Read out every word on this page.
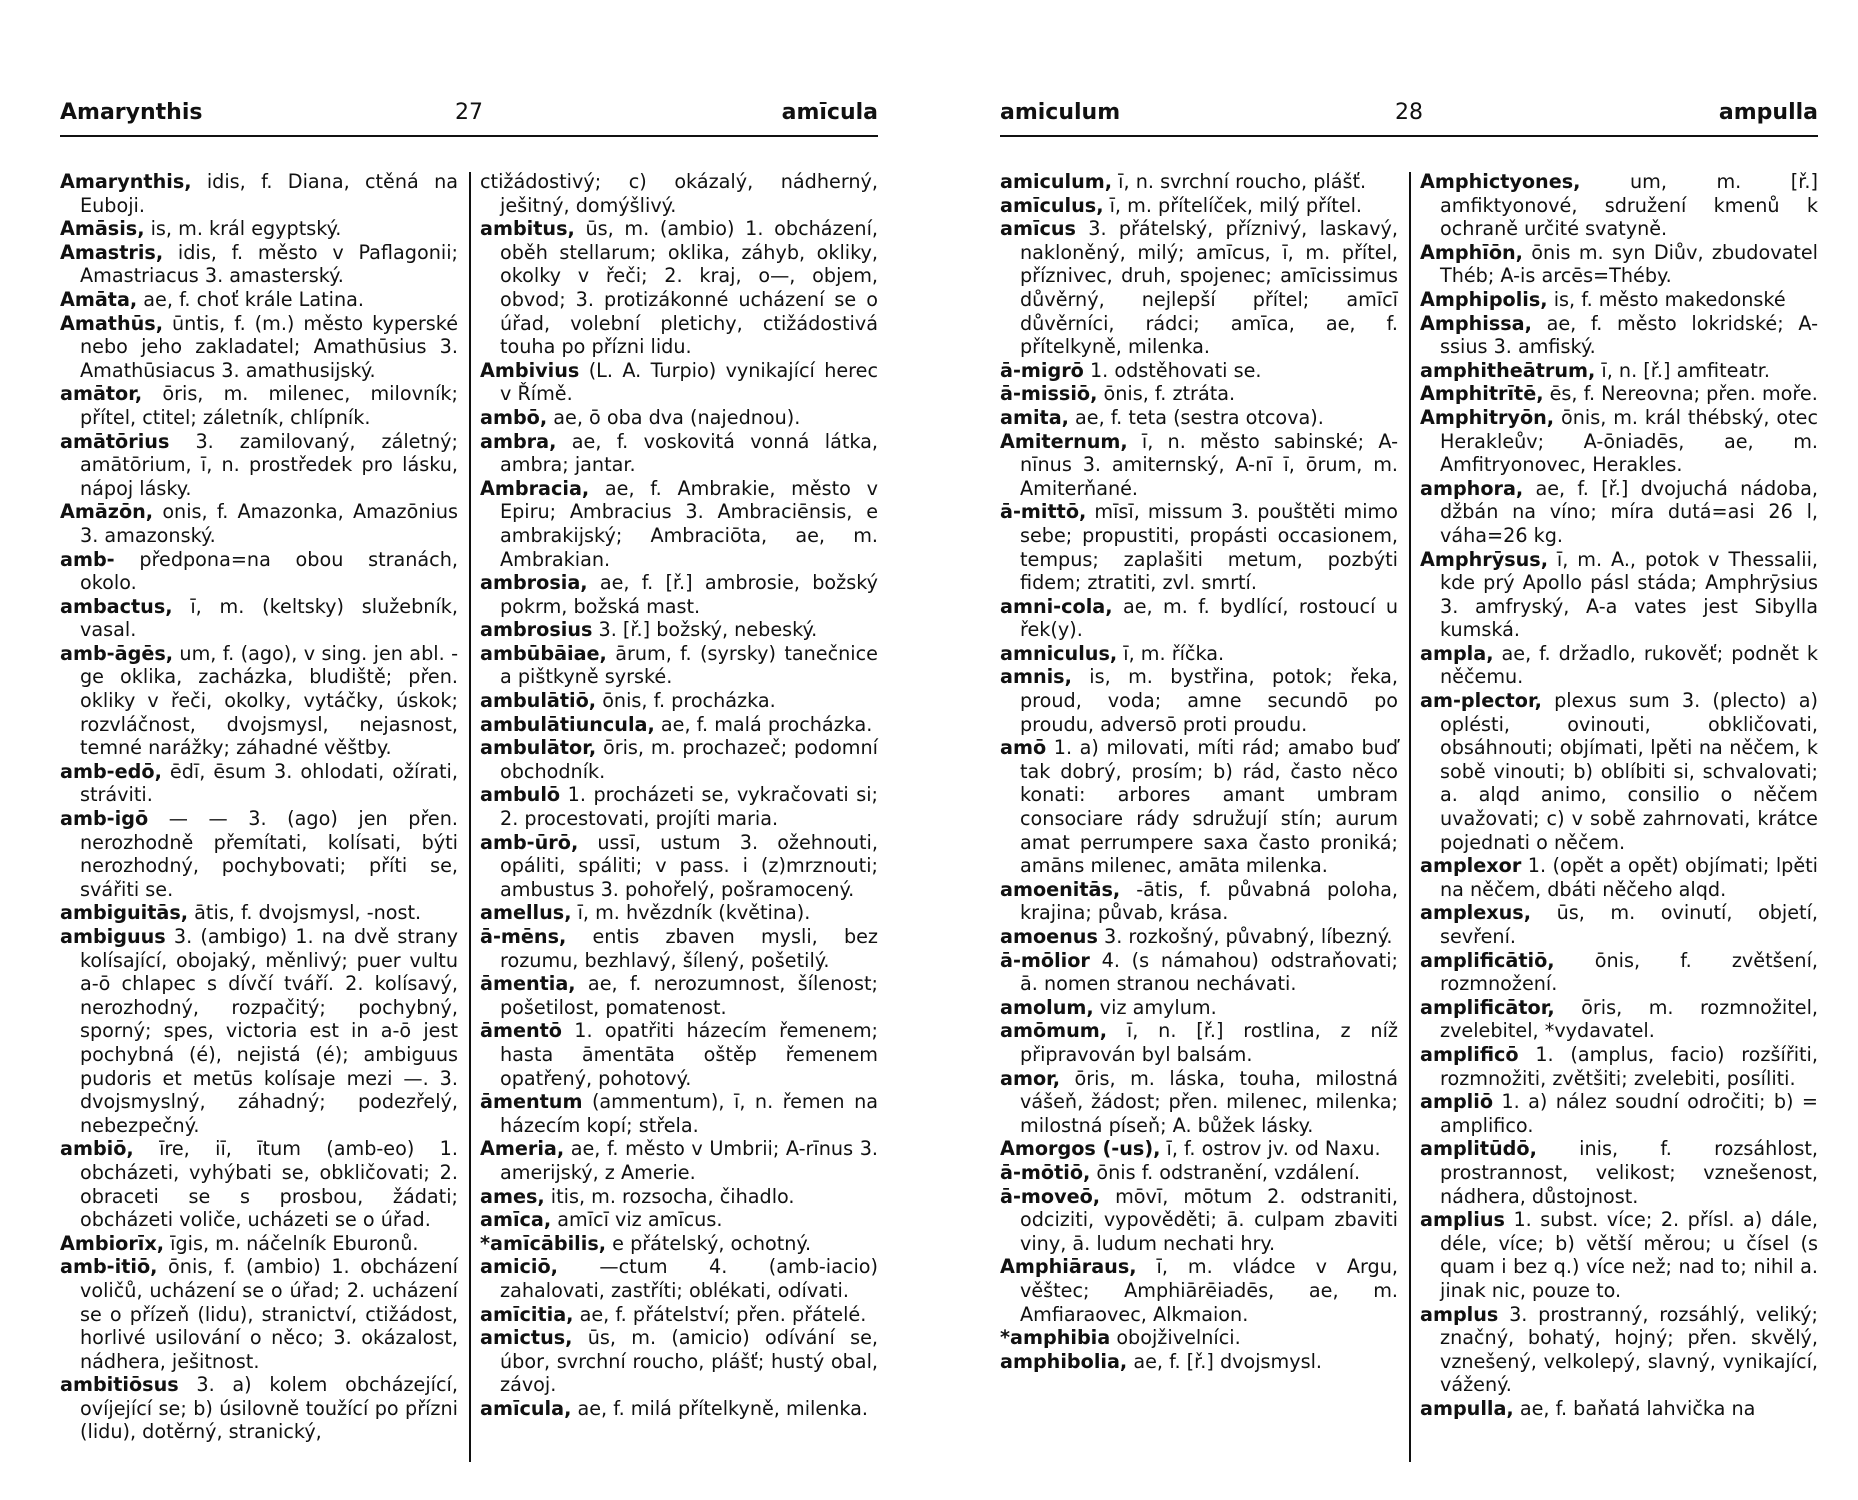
Amarynthis	27	amīcula

Amarynthis, idis, f. Diana, ctěná na Euboji.

Amāsis, is, m. král egyptský.

Amastris, idis, f. město v Paflagonii; Amastriacus 3. amasterský.

Amāta, ae, f. choť krále Latina.

Amathūs, ūntis, f. (m.) město kyperské nebo jeho zakladatel; Amathūsius 3. Amathūsiacus 3. amathusijský.

amātor, ōris, m. milenec, milovník; přítel, ctitel; záletník, chlípník.

amātōrius 3. zamilovaný, záletný; amātōrium, ī, n. prostředek pro lásku, nápoj lásky.

Amāzōn, onis, f. Amazonka, Amazōnius 3. amazonský.

amb- předpona=na obou stranách, okolo.

ambactus, ī, m. (keltsky) služebník, vasal.

amb-āgēs, um, f. (ago), v sing. jen abl. -ge oklika, zacházka, bludiště; přen. okliky v řeči, okolky, vytáčky, úskok; rozvláčnost, dvojsmysl, nejasnost, temné narážky; záhadné věštby.

amb-edō, ēdī, ēsum 3. ohlodati, ožírati, stráviti.

amb-igō — — 3. (ago) jen přen. nerozhodně přemítati, kolísati, býti nerozhodný, pochybovati; příti se, svářiti se.

ambiguitās, ātis, f. dvojsmysl, -nost.

ambiguus 3. (ambigo) 1. na dvě strany kolísající, obojaký, měnlivý; puer vultu a-ō chlapec s dívčí tváří. 2. kolísavý, nerozhodný, rozpačitý; pochybný, sporný; spes, victoria est in a-ō jest pochybná (é), nejistá (é); ambiguus pudoris et metūs kolísaje mezi —. 3. dvojsmyslný, záhadný; podezřelý, nebezpečný.

ambiō, īre, iī, ītum (amb-eo) 1. obcházeti, vyhýbati se, obkličovati; 2. obraceti se s prosbou, žádati; obcházeti voliče, ucházeti se o úřad.

Ambiorīx, īgis, m. náčelník Eburonů.

amb-itiō, ōnis, f. (ambio) 1. obcházení voličů, ucházení se o úřad; 2. ucházení se o přízeň (lidu), stranictví, ctižádost, horlivé usilování o něco; 3. okázalost, nádhera, ješitnost.

ambitiōsus 3. a) kolem obcházející, ovíjející se; b) úsilovně toužící po přízni (lidu), dotěrný, stranický,

ctižádostivý; c) okázalý, nádherný, ješitný, domýšlivý.

ambitus, ūs, m. (ambio) 1. obcházení, oběh stellarum; oklika, záhyb, okliky, okolky v řeči; 2. kraj, o—, objem, obvod; 3. protizákonné ucházení se o úřad, volební pletichy, ctižádostivá touha po přízni lidu.

Ambivius (L. A. Turpio) vynikající herec v Římě.

ambō, ae, ō oba dva (najednou).

ambra, ae, f. voskovitá vonná látka, ambra; jantar.

Ambracia, ae, f. Ambrakie, město v Epiru; Ambracius 3. Ambraciēnsis, e ambrakijský; Ambraciōta, ae, m. Ambrakian.

ambrosia, ae, f. [ř.] ambrosie, božský pokrm, božská mast.

ambrosius 3. [ř.] božský, nebeský.

ambūbāiae, ārum, f. (syrsky) tanečnice a pištkyně syrské.

ambulātiō, ōnis, f. procházka.

ambulātiuncula, ae, f. malá procházka.

ambulātor, ōris, m. prochazeč; podomní obchodník.

ambulō 1. procházeti se, vykračovati si; 2. procestovati, projíti maria.

amb-ūrō, ussī, ustum 3. ožehnouti, opáliti, spáliti; v pass. i (z)mrznouti; ambustus 3. pohořelý, pošramocený.

amellus, ī, m. hvězdník (květina).

ā-mēns, entis zbaven mysli, bez rozumu, bezhlavý, šílený, pošetilý.

āmentia, ae, f. nerozumnost, šílenost; pošetilost, pomatenost.

āmentō 1. opatřiti házecím řemenem; hasta āmentāta oštěp řemenem opatřený, pohotový.

āmentum (ammentum), ī, n. řemen na házecím kopí; střela.

Ameria, ae, f. město v Umbrii; A-rīnus 3. amerijský, z Amerie.

ames, itis, m. rozsocha, čihadlo.

amīca, amīcī viz amīcus.

*amīcābilis, e přátelský, ochotný.

amiciō, —ctum 4. (amb-iacio) zahalovati, zastříti; oblékati, odívati.

amīcitia, ae, f. přátelství; přen. přátelé.

amictus, ūs, m. (amicio) odívání se, úbor, svrchní roucho, plášť; hustý obal, závoj.

amīcula, ae, f. milá přítelkyně, milenka.

amiculum	28	ampulla

amiculum, ī, n. svrchní roucho, plášť.

amīculus, ī, m. přítelíček, milý přítel.

amīcus 3. přátelský, příznivý, laskavý, nakloněný, milý; amīcus, ī, m. přítel, příznivec, druh, spojenec; amīcissimus důvěrný, nejlepší přítel; amīcī důvěrníci, rádci; amīca, ae, f. přítelkyně, milenka.

ā-migrō 1. odstěhovati se.

ā-missiō, ōnis, f. ztráta.

amita, ae, f. teta (sestra otcova).

Amiternum, ī, n. město sabinské; A-nīnus 3. amiternský, A-nī ī, ōrum, m. Amiterňané.

ā-mittō, mīsī, missum 3. pouštěti mimo sebe; propustiti, propásti occasionem, tempus; zaplašiti metum, pozbýti fidem; ztratiti, zvl. smrtí.

amni-cola, ae, m. f. bydlící, rostoucí u řek(y).

amniculus, ī, m. říčka.

amnis, is, m. bystřina, potok; řeka, proud, voda; amne secundō po proudu, adversō proti proudu.

amō 1. a) milovati, míti rád; amabo buď tak dobrý, prosím; b) rád, často něco konati: arbores amant umbram consociare rády sdružují stín; aurum amat perrumpere saxa často proniká; amāns milenec, amāta milenka.

amoenitās, -ātis, f. půvabná poloha, krajina; půvab, krása.

amoenus 3. rozkošný, půvabný, líbezný.

ā-mōlior 4. (s námahou) odstraňovati; ā. nomen stranou nechávati.

amolum, viz amylum.

amōmum, ī, n. [ř.] rostlina, z níž připravován byl balsám.

amor, ōris, m. láska, touha, milostná vášeň, žádost; přen. milenec, milenka; milostná píseň; A. bůžek lásky.

Amorgos (-us), ī, f. ostrov jv. od Naxu.

ā-mōtiō, ōnis f. odstranění, vzdálení.

ā-moveō, mōvī, mōtum 2. odstraniti, odciziti, vypověděti; ā. culpam zbaviti viny, ā. ludum nechati hry.

Amphiāraus, ī, m. vládce v Argu, věštec; Amphiārēiadēs, ae, m. Amfiaraovec, Alkmaion.

*amphibia obojživelníci.

amphibolia, ae, f. [ř.] dvojsmysl.

Amphictyones, um, m. [ř.] amfiktyonové, sdružení kmenů k ochraně určité svatyně.

Amphīōn, ōnis m. syn Diův, zbudovatel Théb; A-is arcēs=Théby.

Amphipolis, is, f. město makedonské

Amphissa, ae, f. město lokridské; A-ssius 3. amfiský.

amphitheātrum, ī, n. [ř.] amfiteatr.

Amphitrītē, ēs, f. Nereovna; přen. moře.

Amphitryōn, ōnis, m. král thébský, otec Herakleův; A-ōniadēs, ae, m. Amfitryonovec, Herakles.

amphora, ae, f. [ř.] dvojuchá nádoba, džbán na víno; míra dutá=asi 26 l, váha=26 kg.

Amphrȳsus, ī, m. A., potok v Thessalii, kde prý Apollo pásl stáda; Amphrȳsius 3. amfryský, A-a vates jest Sibylla kumská.

ampla, ae, f. držadlo, rukověť; podnět k něčemu.

am-plector, plexus sum 3. (plecto) a) oplésti, ovinouti, obkličovati, obsáhnouti; objímati, lpěti na něčem, k sobě vinouti; b) oblíbiti si, schvalovati; a. alqd animo, consilio o něčem uvažovati; c) v sobě zahrnovati, krátce pojednati o něčem.

amplexor 1. (opět a opět) objímati; lpěti na něčem, dbáti něčeho alqd.

amplexus, ūs, m. ovinutí, objetí, sevření.

amplificātiō, ōnis, f. zvětšení, rozmnožení.

amplificātor, ōris, m. rozmnožitel, zvelebitel, *vydavatel.

amplificō 1. (amplus, facio) rozšířiti, rozmnožiti, zvětšiti; zvelebiti, posíliti.

ampliō 1. a) nález soudní odročiti; b) = amplifico.

amplitūdō, inis, f. rozsáhlost, prostrannost, velikost; vznešenost, nádhera, důstojnost.

amplius 1. subst. více; 2. přísl. a) dále, déle, více; b) větší měrou; u čísel (s quam i bez q.) více než; nad to; nihil a. jinak nic, pouze to.

amplus 3. prostranný, rozsáhlý, veliký; značný, bohatý, hojný; přen. skvělý, vznešený, velkolepý, slavný, vynikající, vážený.

ampulla, ae, f. baňatá lahvička na
